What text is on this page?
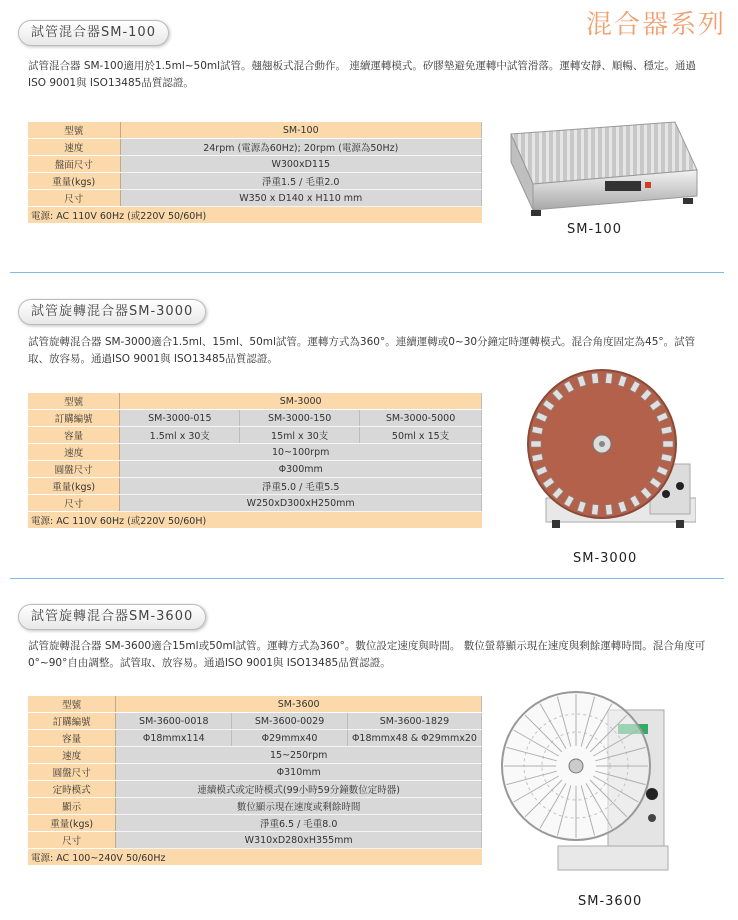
混合器系列
試管混合器SM-100
試管混合器 SM-100適用於1.5ml~50ml試管。翹翹板式混合動作。 連續運轉模式。矽膠墊避免運轉中試管滑落。運轉安靜、順暢、穩定。通過ISO 9001與 ISO13485品質認證。
型號	SM-100
速度	24rpm (電源為60Hz); 20rpm (電源為50Hz)
盤面尺寸	W300xD115
重量(kgs)	淨重1.5 / 毛重2.0
尺寸	W350 x D140 x H110 mm
電源: AC 110V 60Hz (或220V 50/60H)	
SM-100
試管旋轉混合器SM-3000
試管旋轉混合器 SM-3000適合1.5ml、15ml、50ml試管。運轉方式為360°。連續運轉或0~30分鐘定時運轉模式。混合角度固定為45°。試管取、放容易。通過ISO 9001與 ISO13485品質認證。
型號	SM-3000		
訂購編號	SM-3000-015	SM-3000-150	SM-3000-5000
容量	1.5ml x 30支	15ml x 30支	50ml x 15支
速度	10~100rpm		
圓盤尺寸	Φ300mm		
重量(kgs)	淨重5.0 / 毛重5.5		
尺寸	W250xD300xH250mm		
電源: AC 110V 60Hz (或220V 50/60H)			
SM-3000
試管旋轉混合器SM-3600
試管旋轉混合器 SM-3600適合15ml或50ml試管。運轉方式為360°。數位設定速度與時間。 數位螢幕顯示現在速度與剩餘運轉時間。混合角度可0°~90°自由調整。試管取、放容易。通過ISO 9001與 ISO13485品質認證。
型號	SM-3600		
訂購編號	SM-3600-0018	SM-3600-0029	SM-3600-1829
容量	Φ18mmx114	Φ29mmx40	Φ18mmx48 & Φ29mmx20
速度	15~250rpm		
圓盤尺寸	Φ310mm		
定時模式	連續模式或定時模式(99小時59分鐘數位定時器)		
顯示	數位顯示現在速度或剩餘時間		
重量(kgs)	淨重6.5 / 毛重8.0		
尺寸	W310xD280xH355mm		
電源: AC 100~240V 50/60Hz			
SM-3600
